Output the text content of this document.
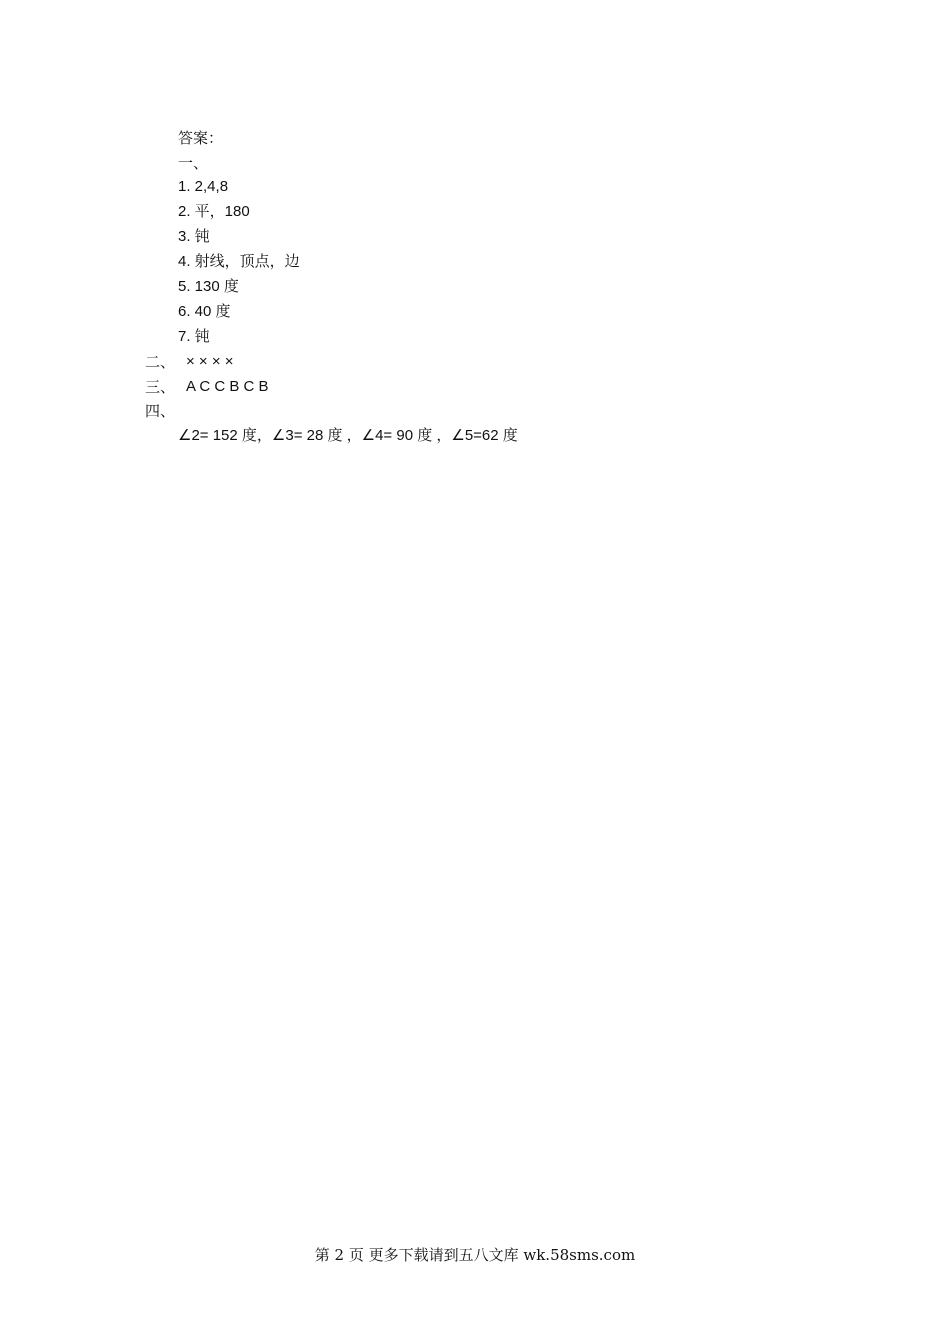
答案：
一、
1. 2,4,8
2. 平，180
3. 钝
4. 射线，顶点，边
5. 130 度
6. 40 度
7. 钝
二、 × × × ×
三、 A C C B C B
四、
∠2= 152 度，∠3= 28 度 ，∠4= 90 度 ，∠5=62 度
第 2 页 更多下载请到五八文库 wk.58sms.com
